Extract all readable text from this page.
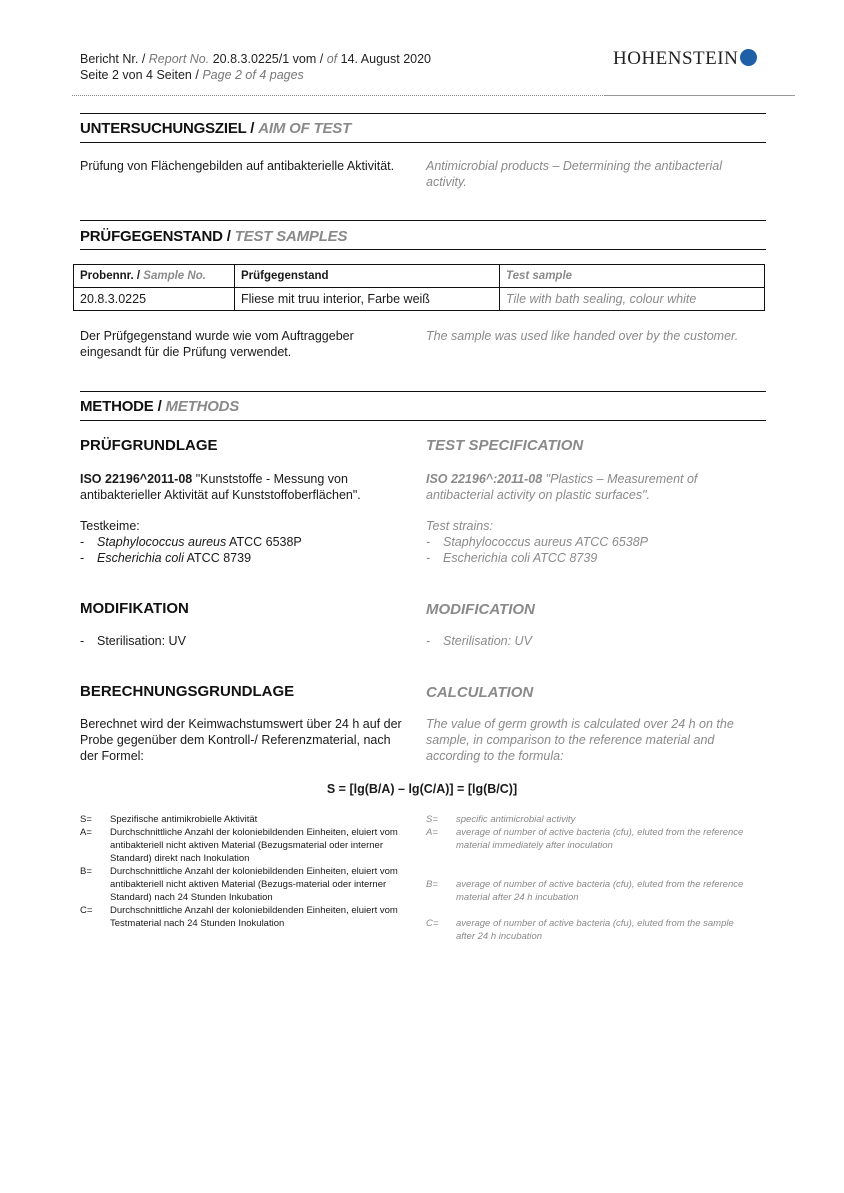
Bericht Nr. / Report No. 20.8.3.0225/1 vom / of 14. August 2020
Seite 2 von 4 Seiten / Page 2 of 4 pages
HOHENSTEIN
UNTERSUCHUNGSZIEL / AIM OF TEST
Prüfung von Flächengebilden auf antibakterielle Aktivität.	Antimicrobial products – Determining the antibacterial activity.
PRÜFGEGENSTAND / TEST SAMPLES
Probennr. / Sample No.	Prüfgegenstand	Test sample
20.8.3.0225	Fliese mit truu interior, Farbe weiß	Tile with bath sealing, colour white
Der Prüfgegenstand wurde wie vom Auftraggeber eingesandt für die Prüfung verwendet.
The sample was used like handed over by the customer.
METHODE / METHODS
PRÜFGRUNDLAGE	TEST SPECIFICATION
ISO 22196^2011-08 "Kunststoffe - Messung von antibakterieller Aktivität auf Kunststoffoberflächen".
ISO 22196^:2011-08 "Plastics – Measurement of antibacterial activity on plastic surfaces".
Testkeime:
- Staphylococcus aureus ATCC 6538P
- Escherichia coli ATCC 8739
Test strains:
- Staphylococcus aureus ATCC 6538P
- Escherichia coli ATCC 8739
MODIFIKATION	MODIFICATION
- Sterilisation: UV	- Sterilisation: UV
BERECHNUNGSGRUNDLAGE	CALCULATION
Berechnet wird der Keimwachstumswert über 24 h auf der Probe gegenüber dem Kontroll-/ Referenzmaterial, nach der Formel:
The value of germ growth is calculated over 24 h on the sample, in comparison to the reference material and according to the formula:
S = [lg(B/A) – lg(C/A)] = [lg(B/C)]
S=	Spezifische antimikrobielle Aktivität
A=	Durchschnittliche Anzahl der koloniebildenden Einheiten, eluiert vom antibakteriell nicht aktiven Material (Bezugsmaterial oder interner Standard) direkt nach Inokulation
B=	Durchschnittliche Anzahl der koloniebildenden Einheiten, eluiert vom antibakteriell nicht aktiven Material (Bezugs-material oder interner Standard) nach 24 Stunden Inkubation
C=	Durchschnittliche Anzahl der koloniebildenden Einheiten, eluiert vom Testmaterial nach 24 Stunden Inokulation
S=	specific antimicrobial activity
A=	average of number of active bacteria (cfu), eluted from the reference material immediately after inoculation
B=	average of number of active bacteria (cfu), eluted from the reference material after 24 h incubation
C=	average of number of active bacteria (cfu), eluted from the sample after 24 h incubation
